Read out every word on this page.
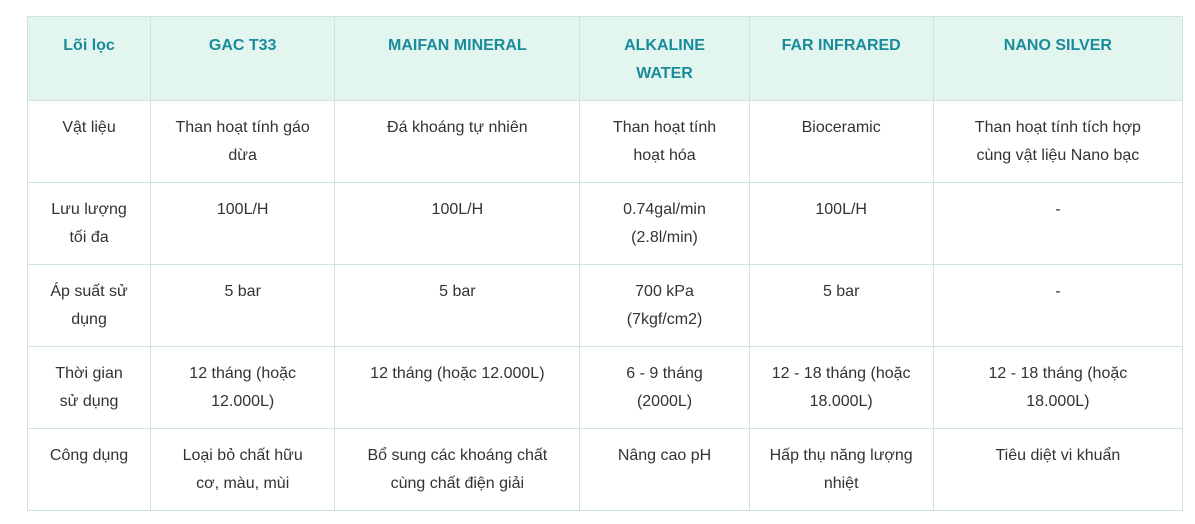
Lõi lọc	GAC T33	MAIFAN MINERAL	ALKALINE WATER	FAR INFRARED	NANO SILVER
Vật liệu	Than hoạt tính gáo dừa	Đá khoáng tự nhiên	Than hoạt tính hoạt hóa	Bioceramic	Than hoạt tính tích hợp cùng vật liệu Nano bạc
Lưu lượng tối đa	100L/H	100L/H	0.74gal/min (2.8l/min)	100L/H	-
Áp suất sử dụng	5 bar	5 bar	700 kPa (7kgf/cm2)	5 bar	-
Thời gian sử dụng	12 tháng (hoặc 12.000L)	12 tháng (hoặc 12.000L)	6 - 9 tháng (2000L)	12 - 18 tháng (hoặc 18.000L)	12 - 18 tháng (hoặc 18.000L)
Công dụng	Loại bỏ chất hữu cơ, màu, mùi	Bổ sung các khoáng chất cùng chất điện giải	Nâng cao pH	Hấp thụ năng lượng nhiệt	Tiêu diệt vi khuẩn
